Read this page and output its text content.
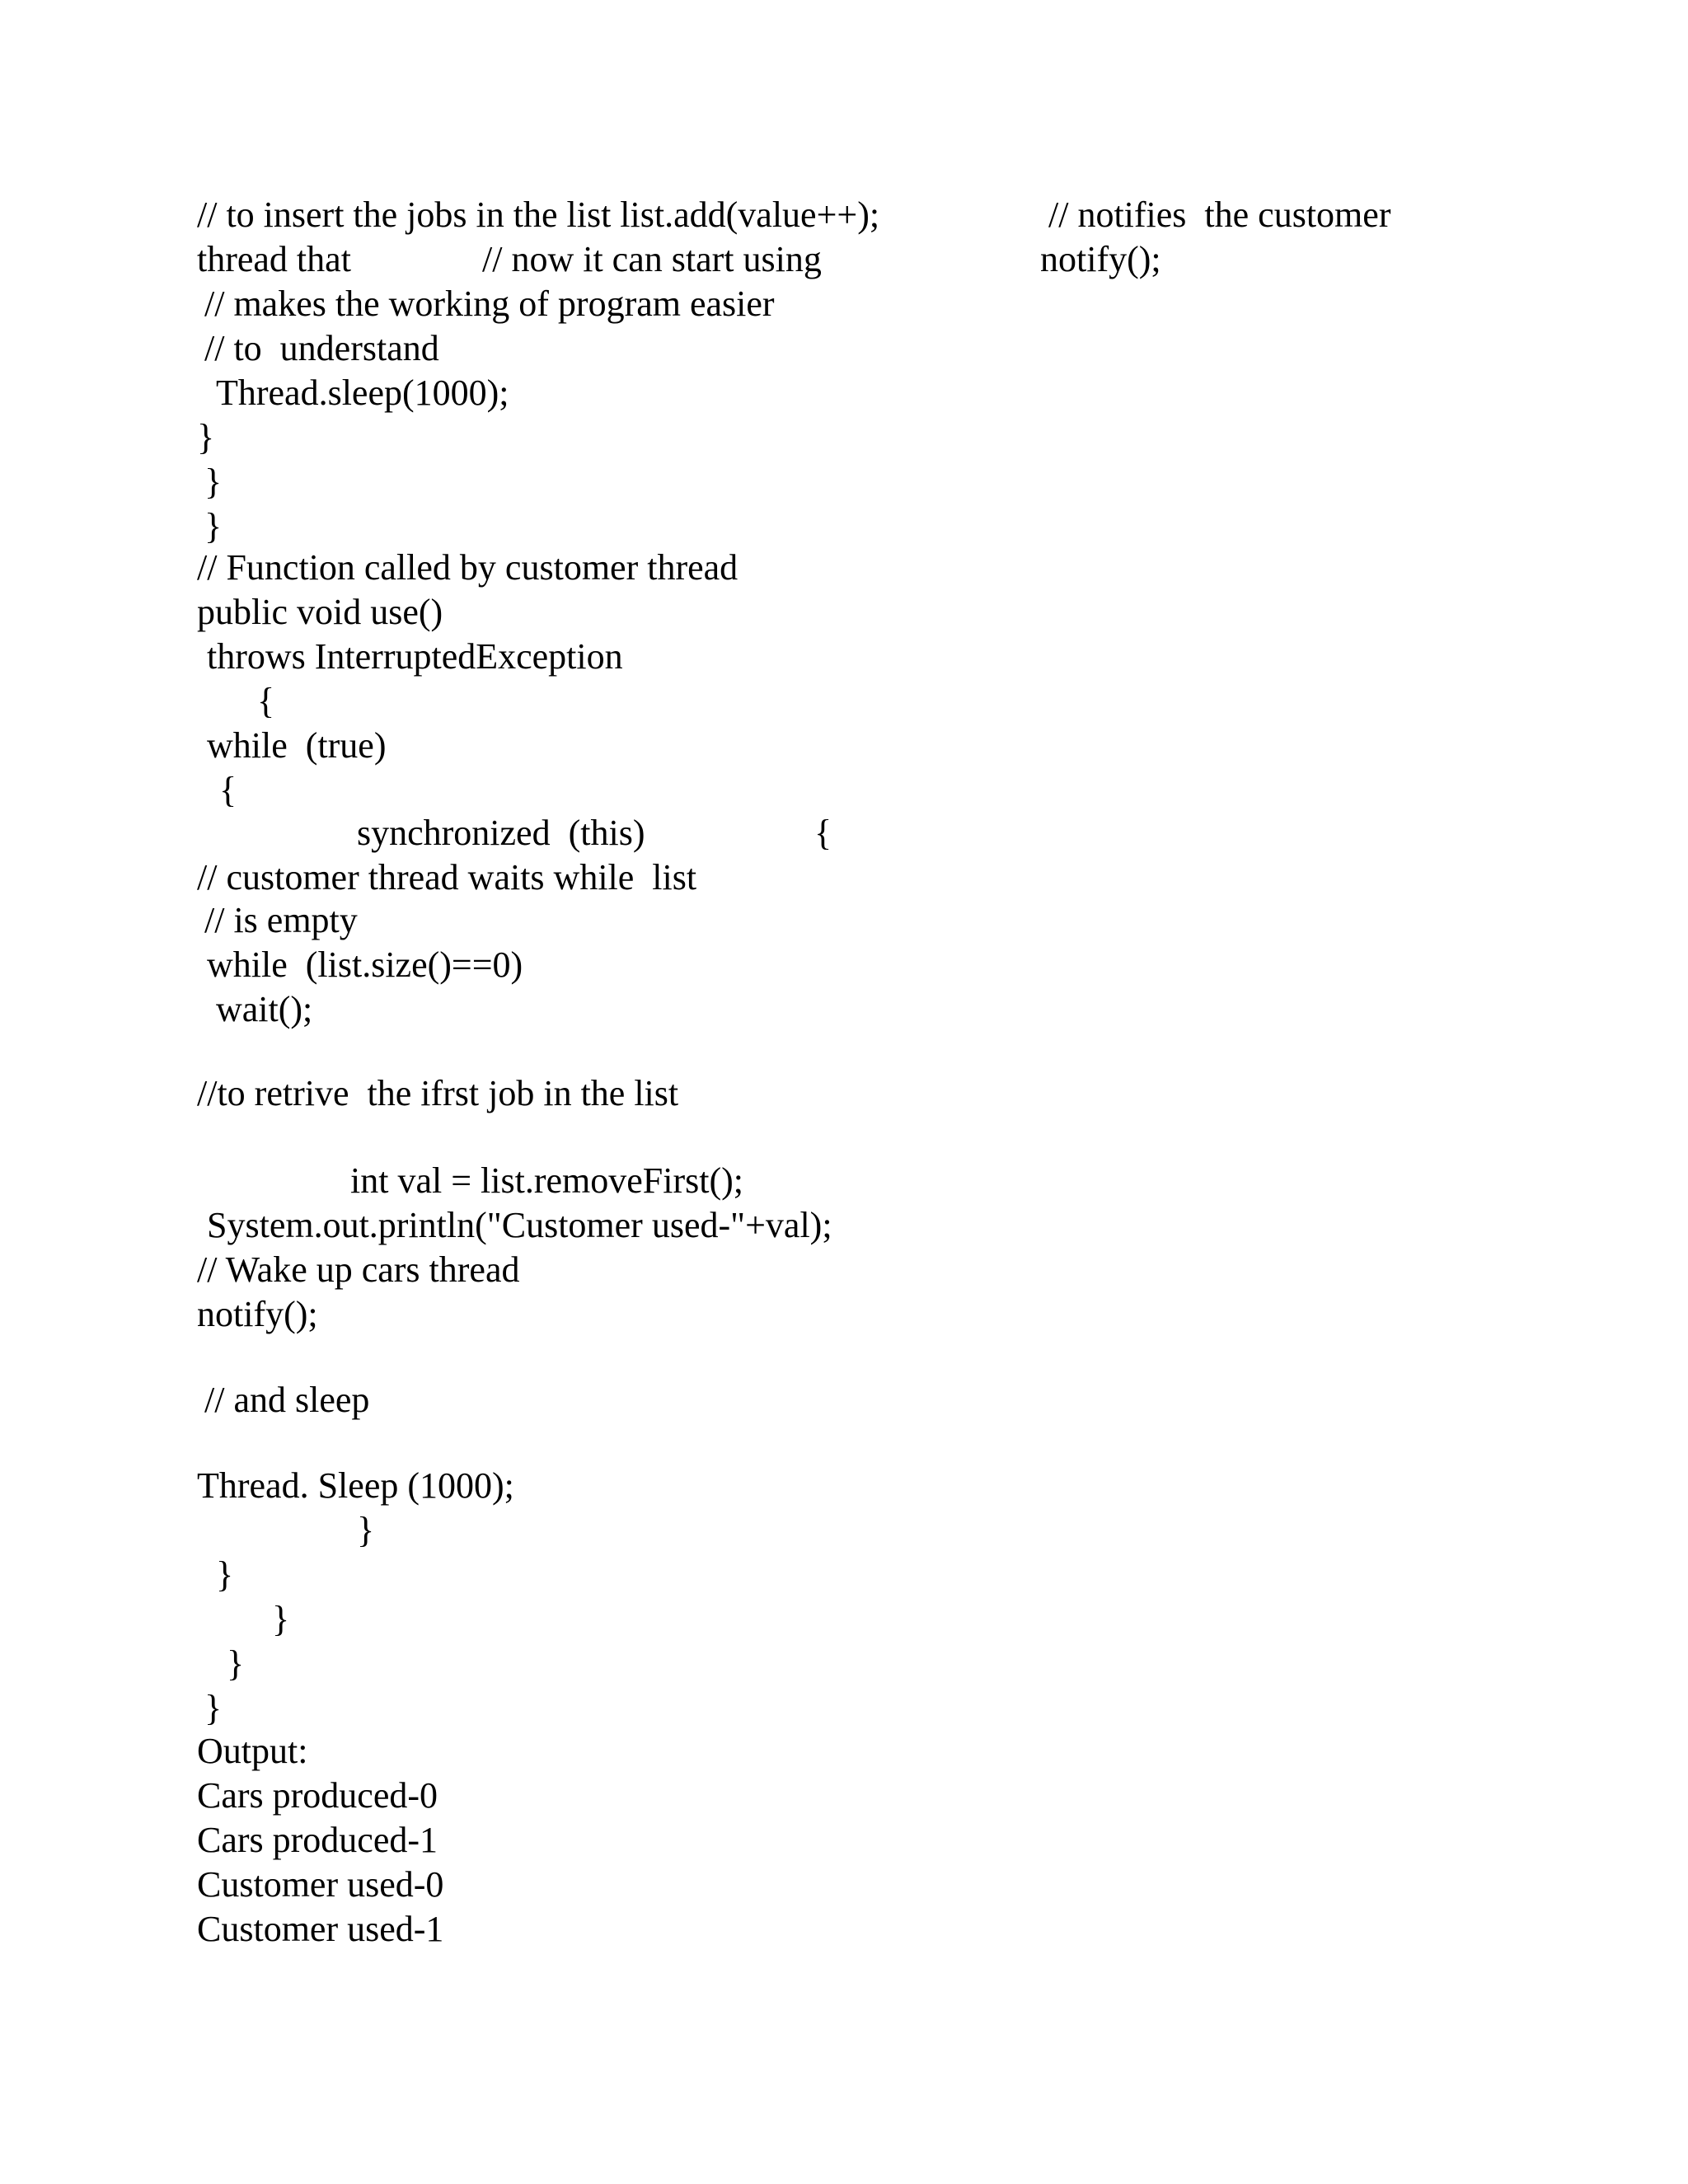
// to insert the jobs in the list list.add(value++);	// notifies  the customer

thread that	// now it can start using	notify();

// makes the working of program easier

// to  understand

Thread.sleep(1000);

}

}

}

// Function called by customer thread

public void use()

throws InterruptedException

{

while  (true)

{

synchronized  (this)	{

// customer thread waits while  list

// is empty

while  (list.size()==0)

wait();

//to retrive  the ifrst job in the list

int val = list.removeFirst();

System.out.println("Customer used-"+val);

// Wake up cars thread

notify();

// and sleep

Thread. Sleep (1000);

}

}

}

}

}

Output:

Cars produced-0

Cars produced-1

Customer used-0

Customer used-1
